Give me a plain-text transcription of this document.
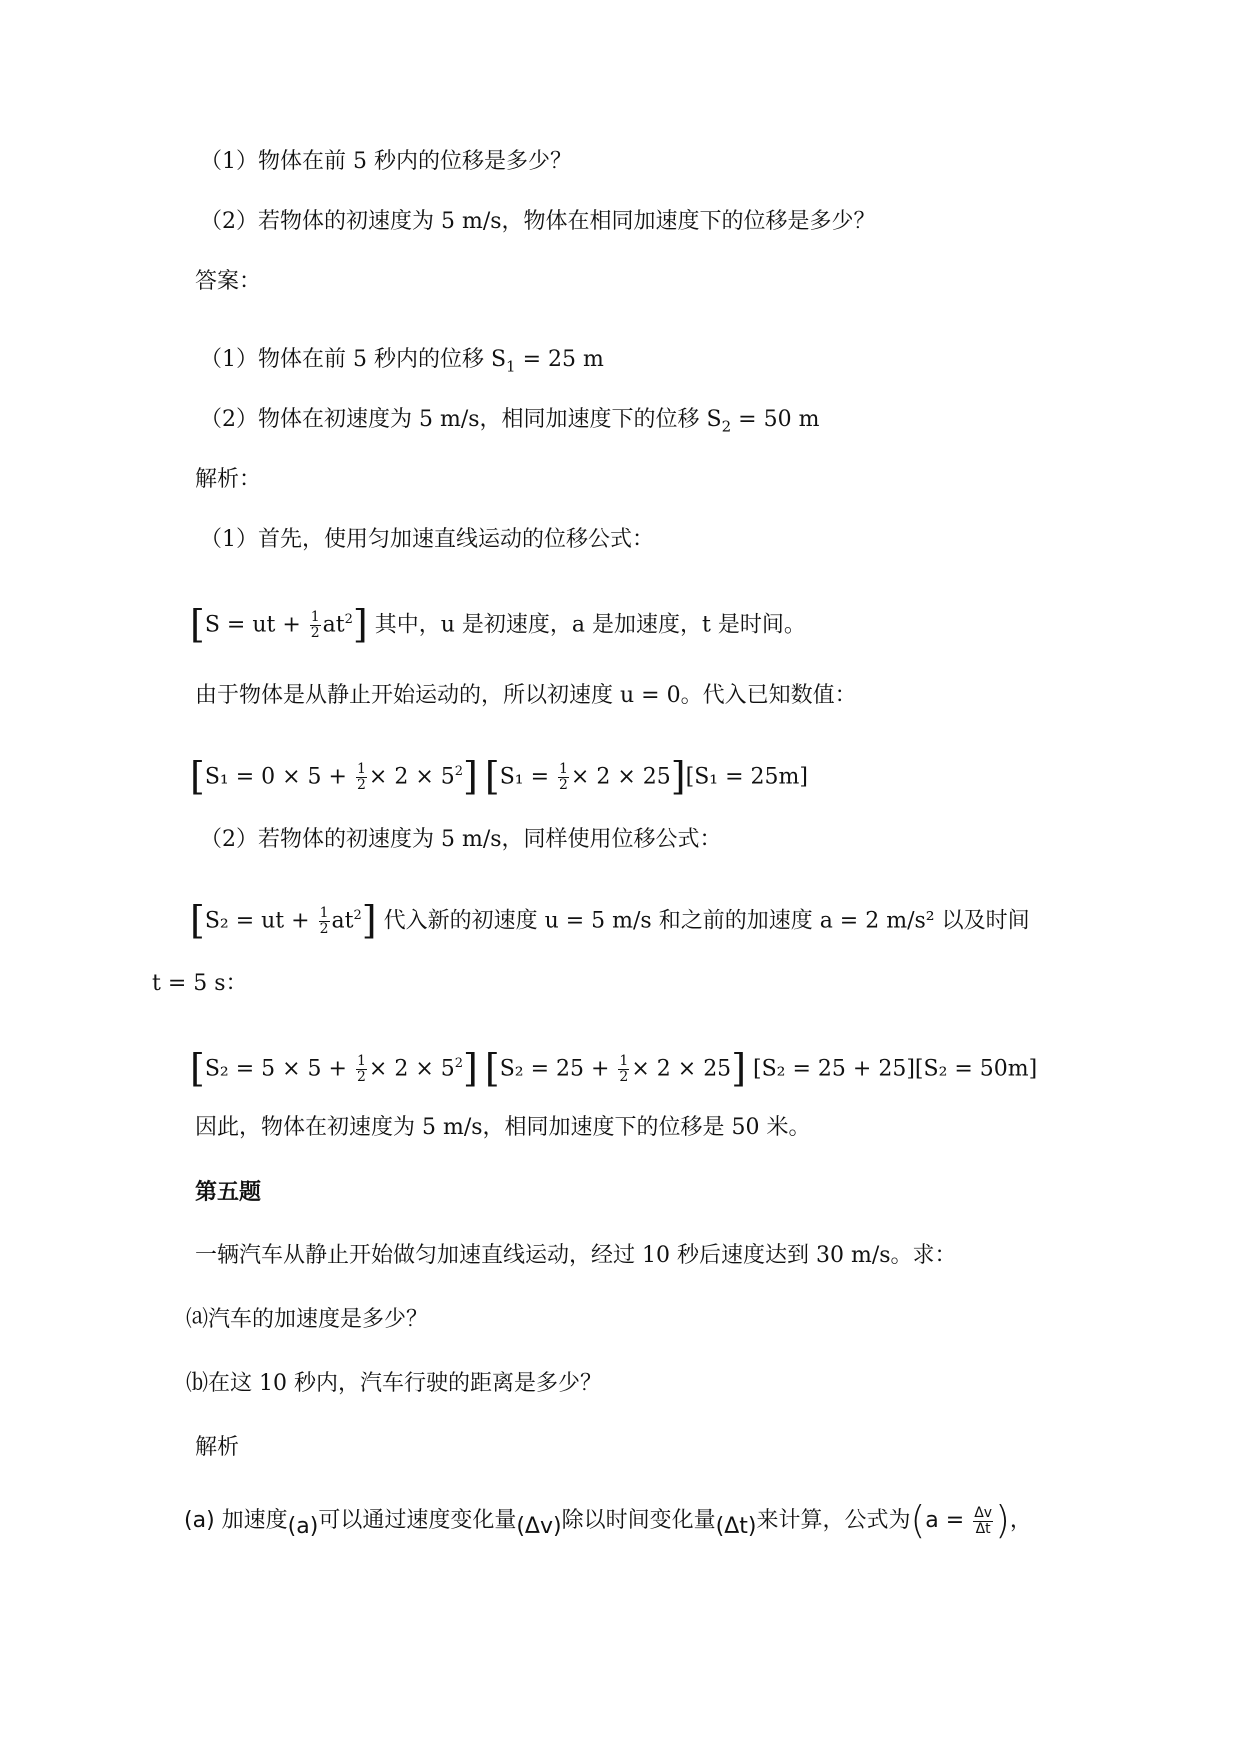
（1）物体在前 5 秒内的位移是多少？
（2）若物体的初速度为 5 m/s，物体在相同加速度下的位移是多少？
答案：
（1）物体在前 5 秒内的位移 $S_1 = 25$ m
（2）物体在初速度为 5 m/s，相同加速度下的位移 $S_2 = 50$ m
解析：
（1）首先，使用匀加速直线运动的位移公式：
[S = ut + $\frac{1}{2} at^2$] 其中，u 是初速度，a 是加速度，t 是时间。
由于物体是从静止开始运动的，所以初速度 u = 0。代入已知数值：
$[S_1 = 0 \times 5 + \frac{1}{2} \times 2 \times 5^2]$ $[S_1 = \frac{1}{2} \times 2 \times 25][S_1 = 25m]$
（2）若物体的初速度为 5 m/s，同样使用位移公式：
[S₂ = ut + $\frac{1}{2} at^2$] 代入新的初速度 u = 5 m/s 和之前的加速度 a = 2 m/s² 以及时间
t = 5 s：
$[S_2 = 5 \times 5 + \frac{1}{2} \times 2 \times 5^2]$ $[S_2 = 25 + \frac{1}{2} \times 2 \times 25]$ [S₂ = 25 + 25][S₂ = 50m]
因此，物体在初速度为 5 m/s，相同加速度下的位移是 50 米。
第五题
一辆汽车从静止开始做匀加速直线运动，经过 10 秒后速度达到 30 m/s。求：
⒜汽车的加速度是多少？
⒝在这 10 秒内，汽车行驶的距离是多少？
解析
(a) 加速度(a)可以通过速度变化量(Δv)除以时间变化量(Δt)来计算，公式为($a = \frac{\Delta v}{\Delta t}$ )，
